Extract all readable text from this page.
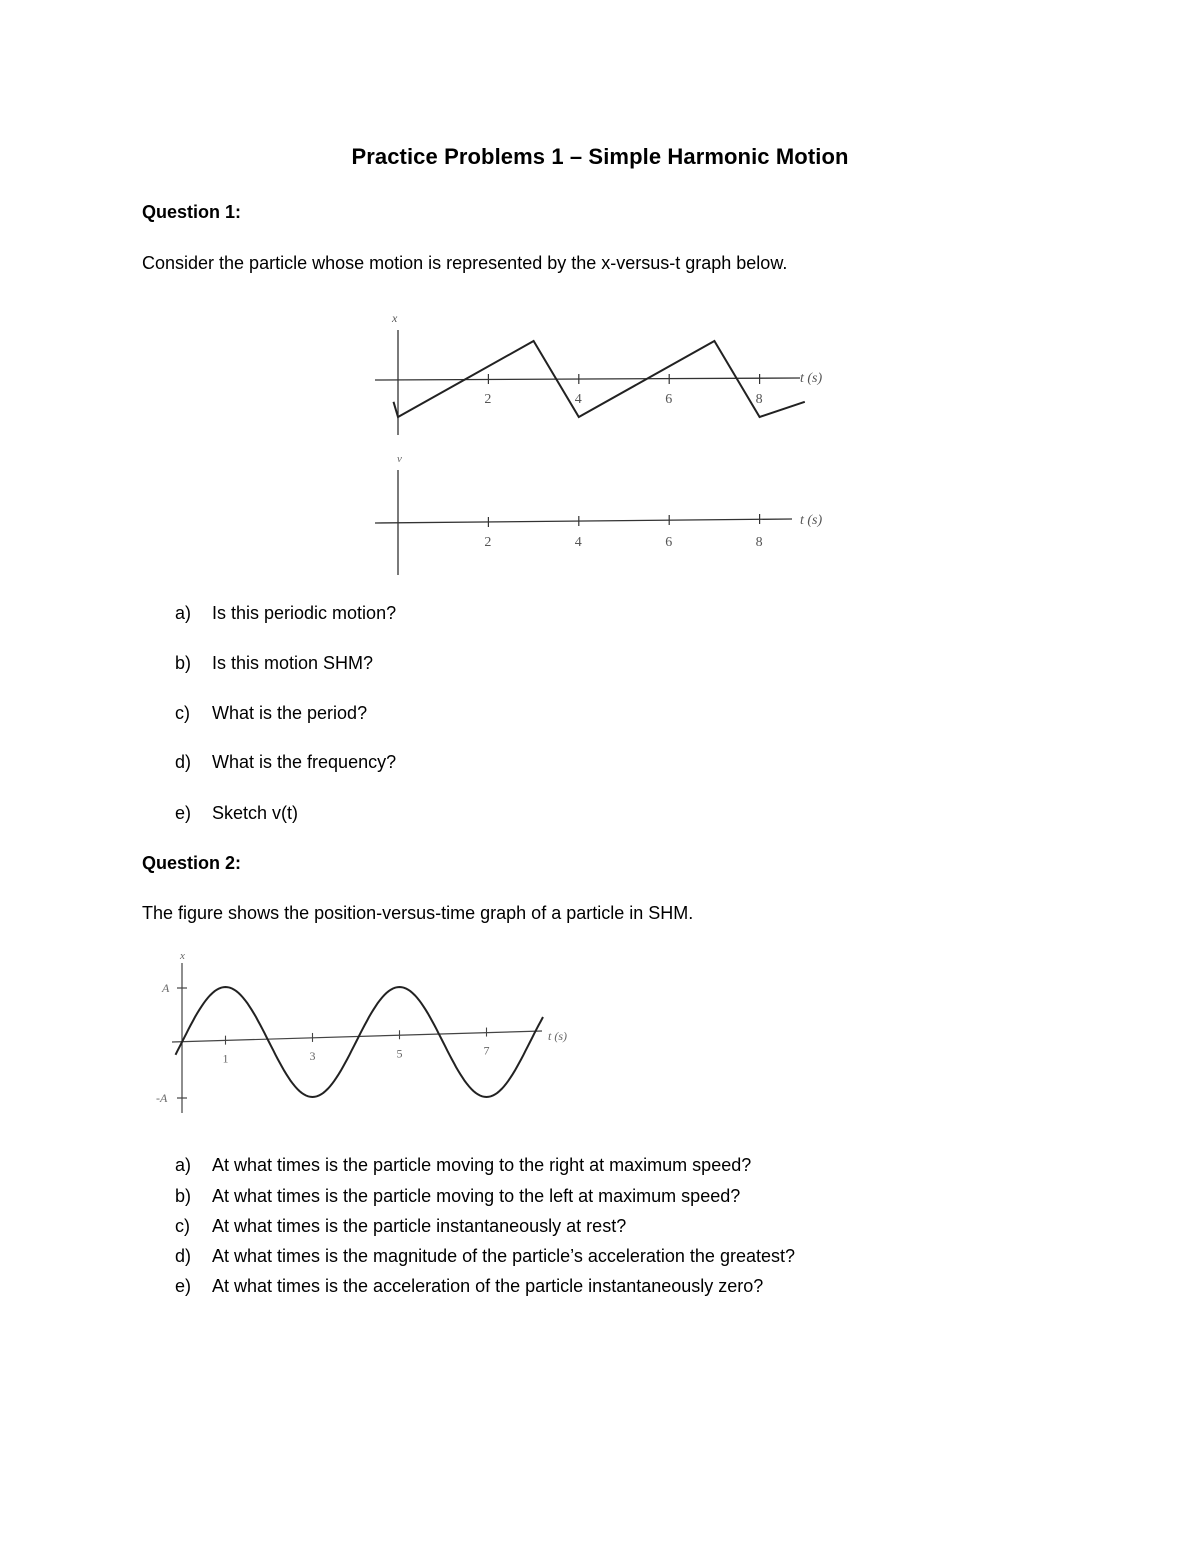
Practice Problems 1 – Simple Harmonic Motion
Question 1:
Consider the particle whose motion is represented by the x-versus-t graph below.
x
t (s)
2	4	6	8
v
t (s)
2	4	6	8
a) Is this periodic motion?
b) Is this motion SHM?
c) What is the period?
d) What is the frequency?
e) Sketch v(t)
Question 2:
The figure shows the position-versus-time graph of a particle in SHM.
x
A
-A
t (s)
1	3	5	7
a) At what times is the particle moving to the right at maximum speed?
b) At what times is the particle moving to the left at maximum speed?
c) At what times is the particle instantaneously at rest?
d) At what times is the magnitude of the particle’s acceleration the greatest?
e) At what times is the acceleration of the particle instantaneously zero?
